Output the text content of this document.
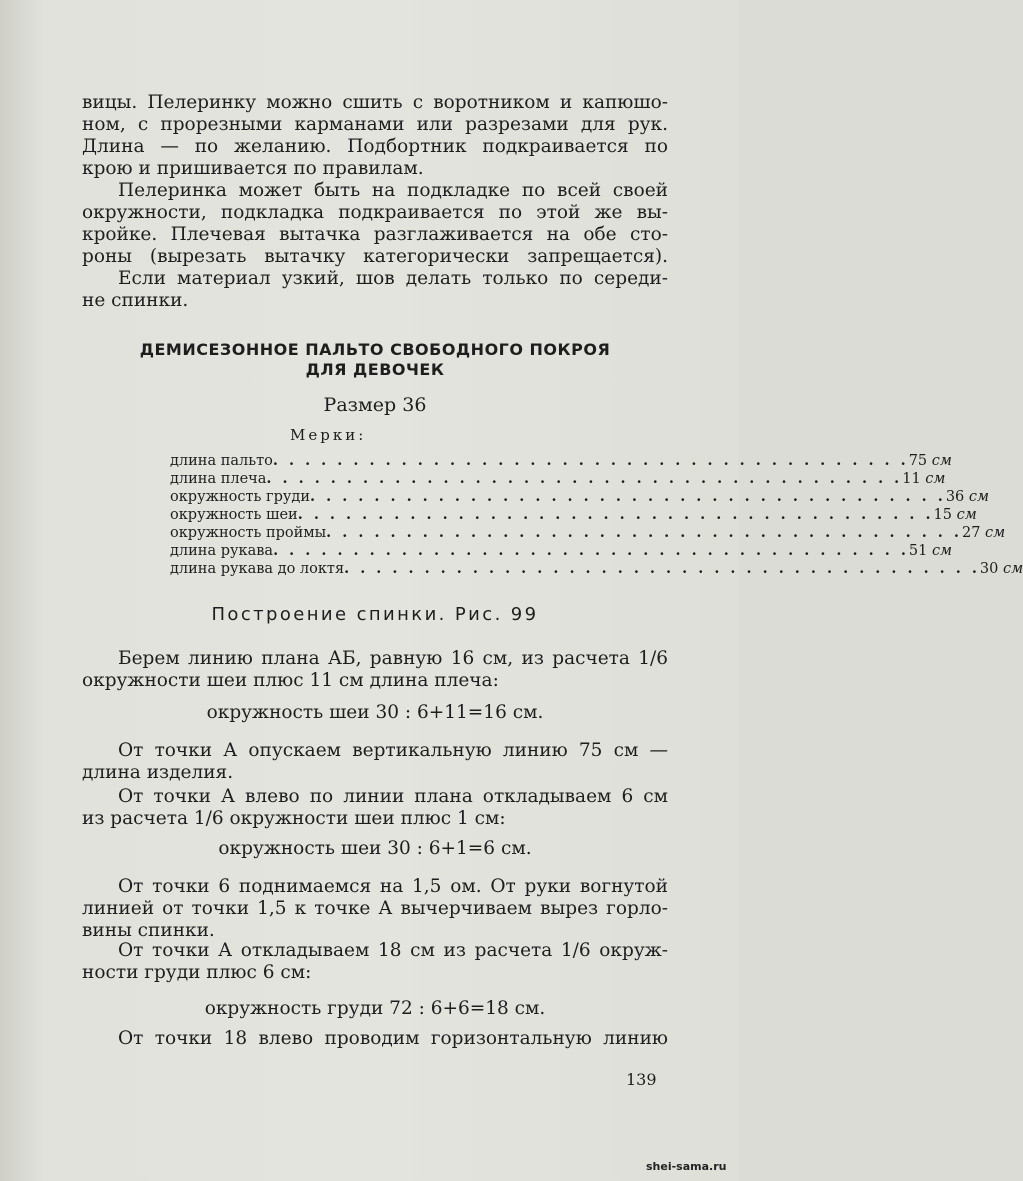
вицы. Пелеринку можно сшить с воротником и капюшо-
ном, с прорезными карманами или разрезами для рук.
Длина — по желанию. Подбортник подкраивается по
крою и пришивается по правилам.

Пелеринка может быть на подкладке по всей своей
окружности, подкладка подкраивается по этой же вы-
кройке. Плечевая вытачка разглаживается на обе сто-
роны (вырезать вытачку категорически запрещается).

Если материал узкий, шов делать только по середи-
не спинки.

ДЕМИСЕЗОННОЕ ПАЛЬТО СВОБОДНОГО ПОКРОЯ
ДЛЯ ДЕВОЧЕК
Размер 36
Мерки:
длина пальто . . . . . . . . . . . . . . . . . . . . . . . . . . . . . . . . . . . . . . . . 75 см
длина плеча . . . . . . . . . . . . . . . . . . . . . . . . . . . . . . . . . . . . . . . . 11 см
окружность груди . . . . . . . . . . . . . . . . . . . . . . . . . . . . . . . . . . . . . . . . 36 см
окружность шеи . . . . . . . . . . . . . . . . . . . . . . . . . . . . . . . . . . . . . . . . 15 см
окружность проймы . . . . . . . . . . . . . . . . . . . . . . . . . . . . . . . . . . . . . . . . 27 см
длина рукава . . . . . . . . . . . . . . . . . . . . . . . . . . . . . . . . . . . . . . . . 51 см
длина рукава до локтя . . . . . . . . . . . . . . . . . . . . . . . . . . . . . . . . . . . . . . . . 30 см
Построение спинки. Рис. 99

Берем линию плана АБ, равную 16 см, из расчета 1/6
окружности шеи плюс 11 см длина плеча:

окружность шеи 30 : 6+11=16 см.

От точки А опускаем вертикальную линию 75 см —
длина изделия.

От точки А влево по линии плана откладываем 6 см
из расчета 1/6 окружности шеи плюс 1 см:

окружность шеи 30 : 6+1=6 см.

От точки 6 поднимаемся на 1,5 ом. От руки вогнутой
линией от точки 1,5 к точке А вычерчиваем вырез горло-
вины спинки.

От точки А откладываем 18 см из расчета 1/6 окруж-
ности груди плюс 6 см:

окружность груди 72 : 6+6=18 см.

От точки 18 влево проводим горизонтальную линию

139
shei-sama.ru
